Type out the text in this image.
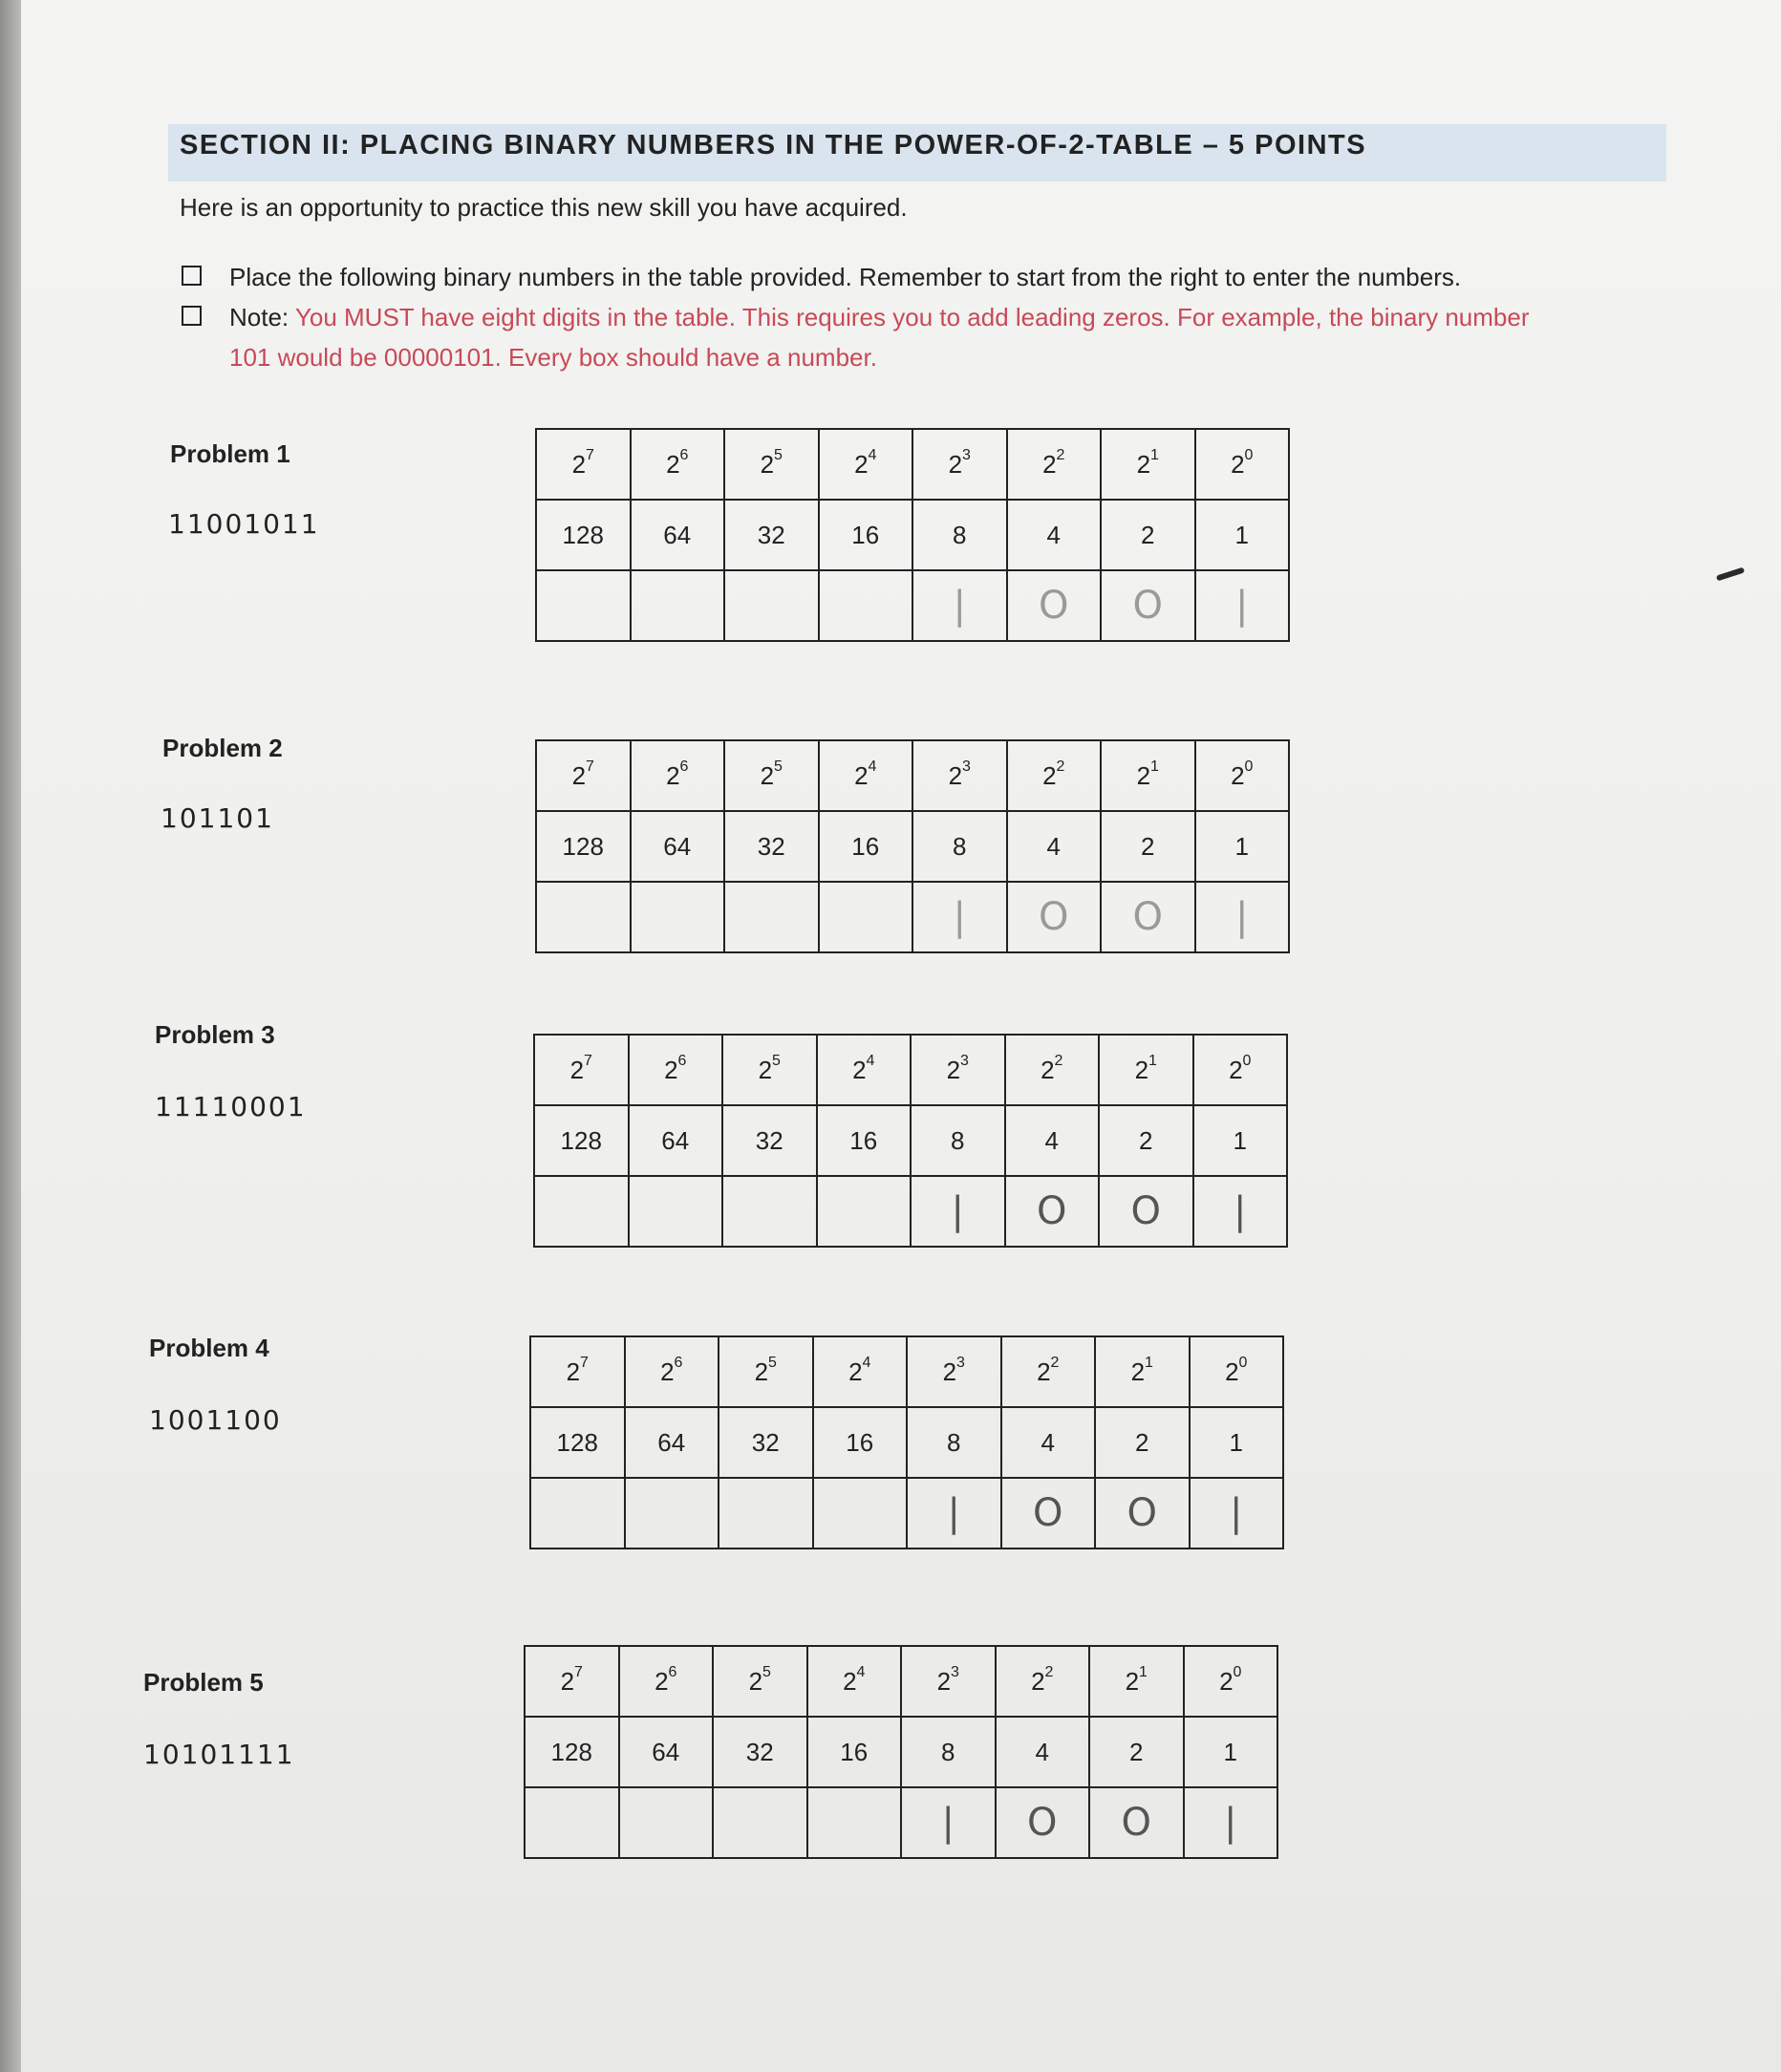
SECTION II: PLACING BINARY NUMBERS IN THE POWER-OF-2-TABLE – 5 POINTS
Here is an opportunity to practice this new skill you have acquired.
Place the following binary numbers in the table provided. Remember to start from the right to enter the numbers.
Note: You MUST have eight digits in the table. This requires you to add leading zeros. For example, the binary number
101 would be 00000101. Every box should have a number.
Problem 1
11001011
$2^7$	$2^6$	$2^5$	$2^4$	$2^3$	$2^2$	$2^1$	$2^0$
128	64	32	16	8	4	2	1
				|	O	O	|
Problem 2
101101
$2^7$	$2^6$	$2^5$	$2^4$	$2^3$	$2^2$	$2^1$	$2^0$
128	64	32	16	8	4	2	1
				|	O	O	|
Problem 3
11110001
$2^7$	$2^6$	$2^5$	$2^4$	$2^3$	$2^2$	$2^1$	$2^0$
128	64	32	16	8	4	2	1
				|	O	O	|
Problem 4
1001100
$2^7$	$2^6$	$2^5$	$2^4$	$2^3$	$2^2$	$2^1$	$2^0$
128	64	32	16	8	4	2	1
				|	O	O	|
Problem 5
10101111
$2^7$	$2^6$	$2^5$	$2^4$	$2^3$	$2^2$	$2^1$	$2^0$
128	64	32	16	8	4	2	1
				|	O	O	|
